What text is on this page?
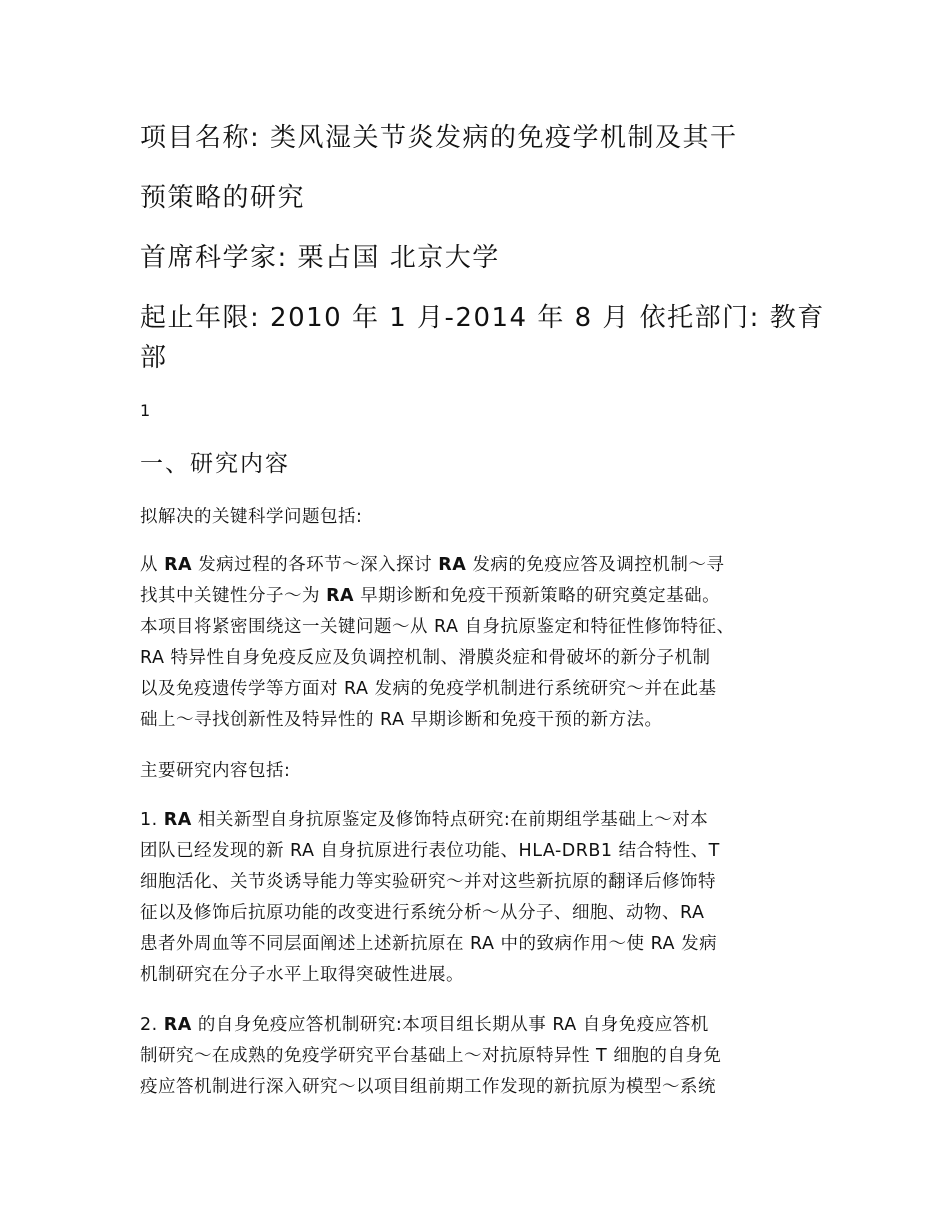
项目名称: 类风湿关节炎发病的免疫学机制及其干
预策略的研究
首席科学家: 栗占国 北京大学
起止年限: 2010 年 1 月-2014 年 8 月 依托部门: 教育
部
1
一、研究内容
拟解决的关键科学问题包括:
从 RA 发病过程的各环节～深入探讨 RA 发病的免疫应答及调控机制～寻
找其中关键性分子～为 RA 早期诊断和免疫干预新策略的研究奠定基础。
本项目将紧密围绕这一关键问题～从 RA 自身抗原鉴定和特征性修饰特征、
RA 特异性自身免疫反应及负调控机制、滑膜炎症和骨破坏的新分子机制
以及免疫遗传学等方面对 RA 发病的免疫学机制进行系统研究～并在此基
础上～寻找创新性及特异性的 RA 早期诊断和免疫干预的新方法。
主要研究内容包括:
1. RA 相关新型自身抗原鉴定及修饰特点研究:在前期组学基础上～对本
团队已经发现的新 RA 自身抗原进行表位功能、HLA-DRB1 结合特性、T
细胞活化、关节炎诱导能力等实验研究～并对这些新抗原的翻译后修饰特
征以及修饰后抗原功能的改变进行系统分析～从分子、细胞、动物、RA
患者外周血等不同层面阐述上述新抗原在 RA 中的致病作用～使 RA 发病
机制研究在分子水平上取得突破性进展。
2. RA 的自身免疫应答机制研究:本项目组长期从事 RA 自身免疫应答机
制研究～在成熟的免疫学研究平台基础上～对抗原特异性 T 细胞的自身免
疫应答机制进行深入研究～以项目组前期工作发现的新抗原为模型～系统
